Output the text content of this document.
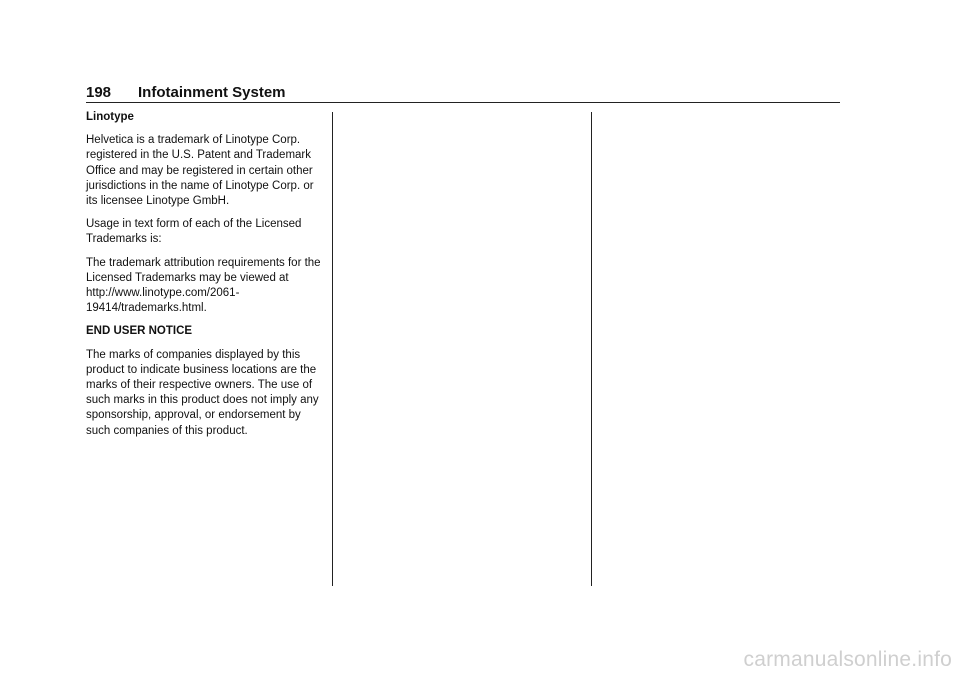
198 Infotainment System

Linotype

Helvetica is a trademark of Linotype Corp. registered in the U.S. Patent and Trademark Office and may be registered in certain other jurisdictions in the name of Linotype Corp. or its licensee Linotype GmbH.

Usage in text form of each of the Licensed Trademarks is:

The trademark attribution requirements for the Licensed Trademarks may be viewed at http://www.linotype.com/2061-19414/trademarks.html.

END USER NOTICE

The marks of companies displayed by this product to indicate business locations are the marks of their respective owners. The use of such marks in this product does not imply any sponsorship, approval, or endorsement by such companies of this product.

carmanualsonline.info
